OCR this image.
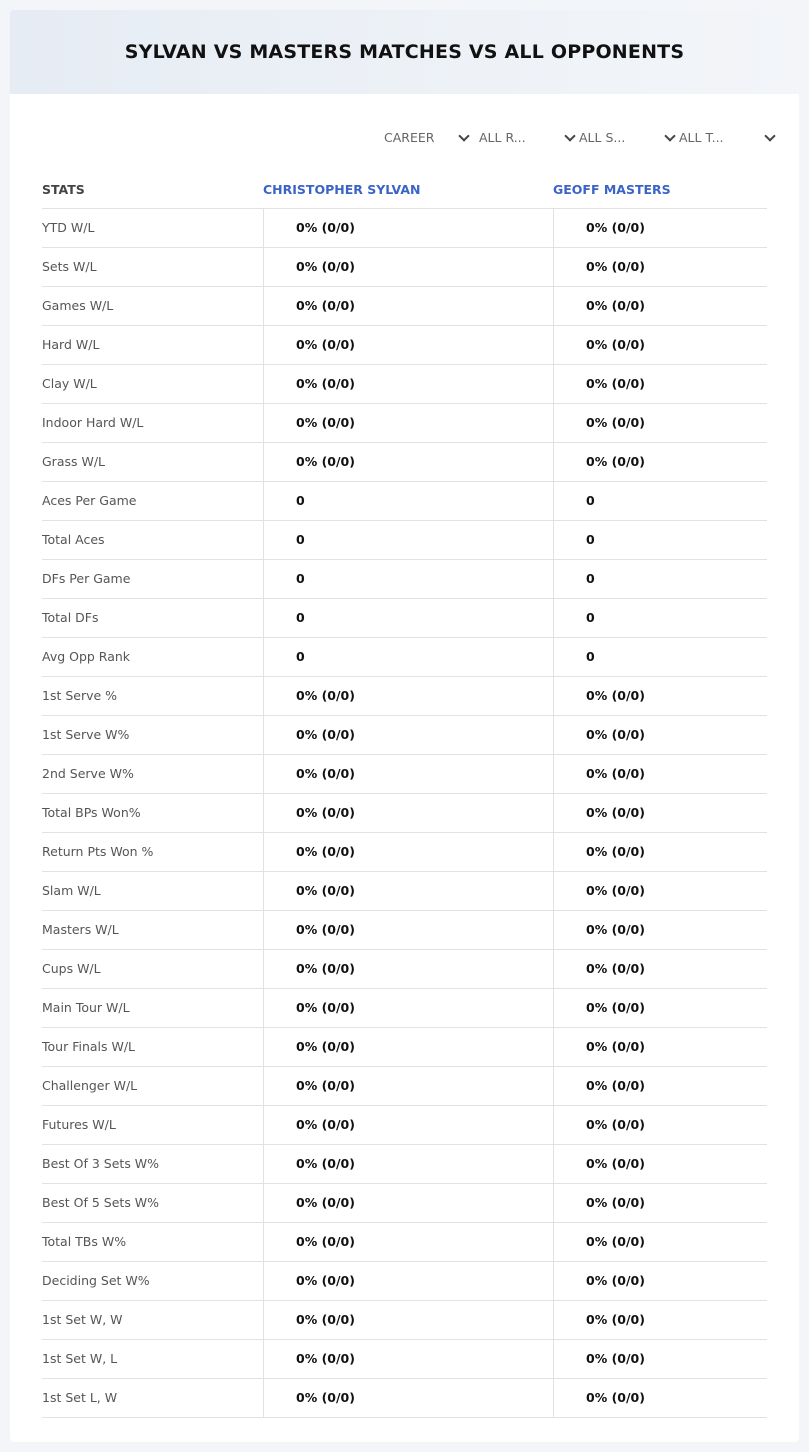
SYLVAN VS MASTERS MATCHES VS ALL OPPONENTS
CAREER	ALL R...	ALL S...	ALL T...
STATS	CHRISTOPHER SYLVAN	GEOFF MASTERS
YTD W/L	0% (0/0)	0% (0/0)
Sets W/L	0% (0/0)	0% (0/0)
Games W/L	0% (0/0)	0% (0/0)
Hard W/L	0% (0/0)	0% (0/0)
Clay W/L	0% (0/0)	0% (0/0)
Indoor Hard W/L	0% (0/0)	0% (0/0)
Grass W/L	0% (0/0)	0% (0/0)
Aces Per Game	0	0
Total Aces	0	0
DFs Per Game	0	0
Total DFs	0	0
Avg Opp Rank	0	0
1st Serve %	0% (0/0)	0% (0/0)
1st Serve W%	0% (0/0)	0% (0/0)
2nd Serve W%	0% (0/0)	0% (0/0)
Total BPs Won%	0% (0/0)	0% (0/0)
Return Pts Won %	0% (0/0)	0% (0/0)
Slam W/L	0% (0/0)	0% (0/0)
Masters W/L	0% (0/0)	0% (0/0)
Cups W/L	0% (0/0)	0% (0/0)
Main Tour W/L	0% (0/0)	0% (0/0)
Tour Finals W/L	0% (0/0)	0% (0/0)
Challenger W/L	0% (0/0)	0% (0/0)
Futures W/L	0% (0/0)	0% (0/0)
Best Of 3 Sets W%	0% (0/0)	0% (0/0)
Best Of 5 Sets W%	0% (0/0)	0% (0/0)
Total TBs W%	0% (0/0)	0% (0/0)
Deciding Set W%	0% (0/0)	0% (0/0)
1st Set W, W	0% (0/0)	0% (0/0)
1st Set W, L	0% (0/0)	0% (0/0)
1st Set L, W	0% (0/0)	0% (0/0)
